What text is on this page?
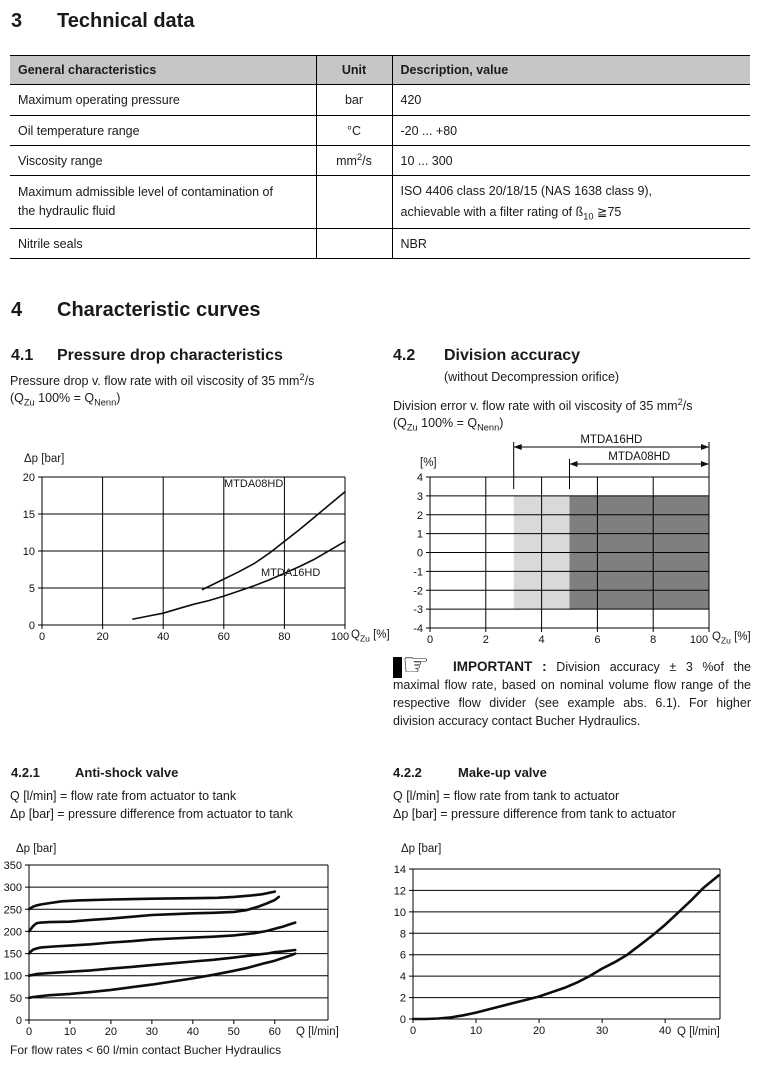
3 Technical data
General characteristics	Unit	Description, value
Maximum operating pressure	bar	420
Oil temperature range	°C	-20 ... +80
Viscosity range	$mm^2/s$	10 ... 300
Maximum admissible level of contamination of
the hydraulic fluid		ISO 4406 class 20/18/15 (NAS 1638 class 9),
achievable with a filter rating of $ß_{10}$ ≧75
Nitrile seals		NBR
4 Characteristic curves
4.1 Pressure drop characteristics
Pressure drop v. flow rate with oil viscosity of 35 $mm^2/s$
($Q_{Zu}$ $100\% = Q_{Nenn}$)
4.2 Division accuracy
(without Decompression orifice)
Division error v. flow rate with oil viscosity of 35 $mm^2/s$
($Q_{Zu}$ $100\% = Q_{Nenn}$)
Δp [bar]
0	20	40	60	80	100
0
5
10
15
20	MTDA08HD
MTDA16HD
$Q_{Zu}$ [%]
[%]
0	2	4	6	8	100
-4
-3
-2
-1
0
1
2
3
4
MTDA16HD
MTDA08HD
$Q_{Zu}$ [%]
☞	IMPORTANT : Division accuracy ± 3 %of the maximal flow rate, based on nominal volume flow range of the respective flow divider (see example abs. 6.1). For higher division accuracy contact Bucher Hydraulics.
4.2.1	Anti-shock valve
Q [l/min] = flow rate from actuator to tank
Δp [bar] = pressure difference from actuator to tank
4.2.2	Make-up valve
Q [l/min] = flow rate from tank to actuator
Δp [bar] = pressure difference from tank to actuator
Δp [bar]
0	10	20	30	40	50	60
0
50
100
150
200
250
300
350
Q [l/min]
Δp [bar]
0	10	20	30	40
0
2
4
6
8
10
12
14
Q [l/min]
For flow rates < 60 l/min contact Bucher Hydraulics
